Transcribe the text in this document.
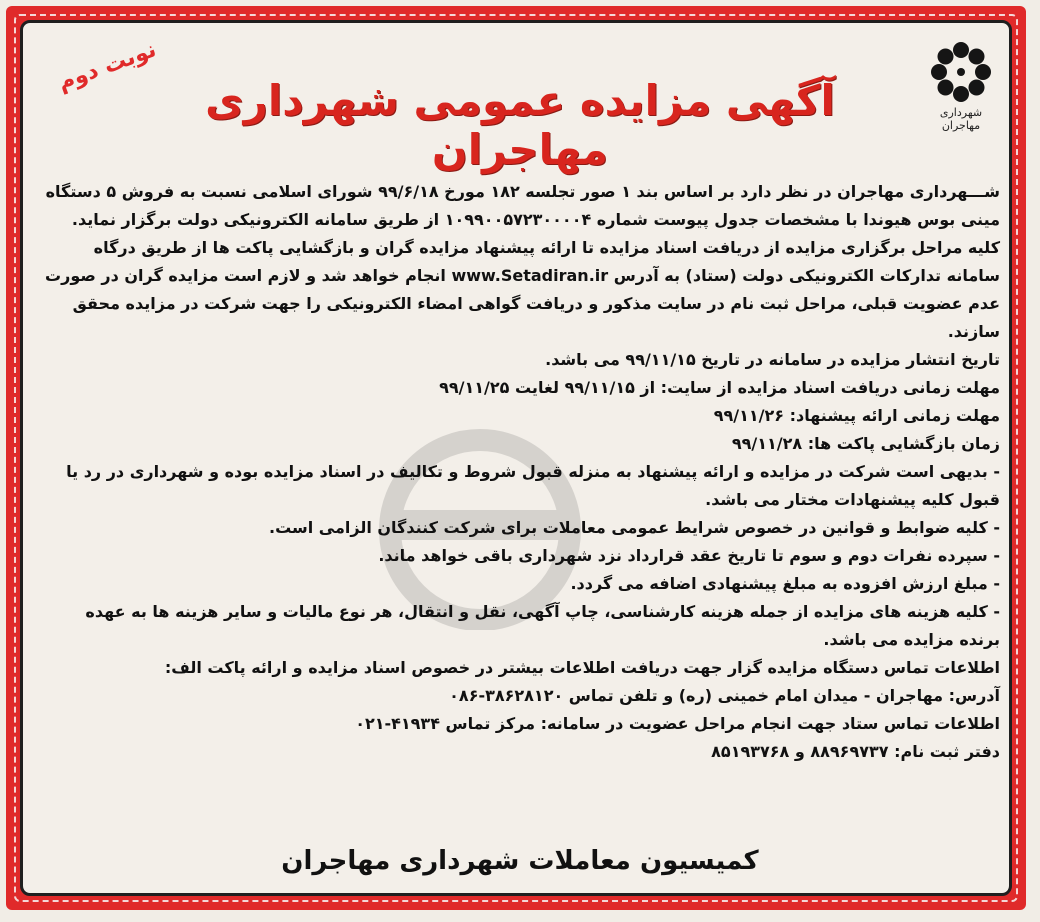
نوبت دوم
شهرداری مهاجران
آگهی مزایده عمومی شهرداری مهاجران

شـــهرداری مهاجران در نظر دارد بر اساس بند ۱ صور تجلسه ۱۸۲ مورخ ۹۹/۶/۱۸ شورای اسلامی نسبت به فروش ۵ دستگاه مینی بوس هیوندا با مشخصات جدول پیوست شماره ۱۰۹۹۰۰۵۷۲۳۰۰۰۰۴ از طریق سامانه الکترونیکی دولت برگزار نماید. کلیه مراحل برگزاری مزایده از دریافت اسناد مزایده تا ارائه پیشنهاد مزایده گران و بازگشایی پاکت ها از طریق درگاه سامانه تدارکات الکترونیکی دولت (ستاد) به آدرس www.Setadiran.ir انجام خواهد شد و لازم است مزایده گران در صورت عدم عضویت قبلی، مراحل ثبت نام در سایت مذکور و دریافت گواهی امضاء الکترونیکی را جهت شرکت در مزایده محقق سازند.

تاریخ انتشار مزایده در سامانه در تاریخ ۹۹/۱۱/۱۵ می باشد.

مهلت زمانی دریافت اسناد مزایده از سایت: از ۹۹/۱۱/۱۵ لغایت ۹۹/۱۱/۲۵

مهلت زمانی ارائه پیشنهاد: ۹۹/۱۱/۲۶

زمان بازگشایی پاکت ها: ۹۹/۱۱/۲۸

- بدیهی است شرکت در مزایده و ارائه پیشنهاد به منزله قبول شروط و تکالیف در اسناد مزایده بوده و شهرداری در رد یا قبول کلیه پیشنهادات مختار می باشد.

- کلیه ضوابط و قوانین در خصوص شرایط عمومی معاملات برای شرکت کنندگان الزامی است.

- سپرده نفرات دوم و سوم تا تاریخ عقد قرارداد نزد شهرداری باقی خواهد ماند.

- مبلغ ارزش افزوده به مبلغ پیشنهادی اضافه می گردد.

- کلیه هزینه های مزایده از جمله هزینه کارشناسی، چاپ آگهی، نقل و انتقال، هر نوع مالیات و سایر هزینه ها به عهده برنده مزایده می باشد.

اطلاعات تماس دستگاه مزایده گزار جهت دریافت اطلاعات بیشتر در خصوص اسناد مزایده و ارائه پاکت الف:

آدرس: مهاجران - میدان امام خمینی (ره) و تلفن تماس ۳۸۶۲۸۱۲۰-۰۸۶

اطلاعات تماس ستاد جهت انجام مراحل عضویت در سامانه: مرکز تماس ۴۱۹۳۴-۰۲۱

دفتر ثبت نام: ۸۸۹۶۹۷۳۷ و ۸۵۱۹۳۷۶۸

کمیسیون معاملات شهرداری مهاجران
